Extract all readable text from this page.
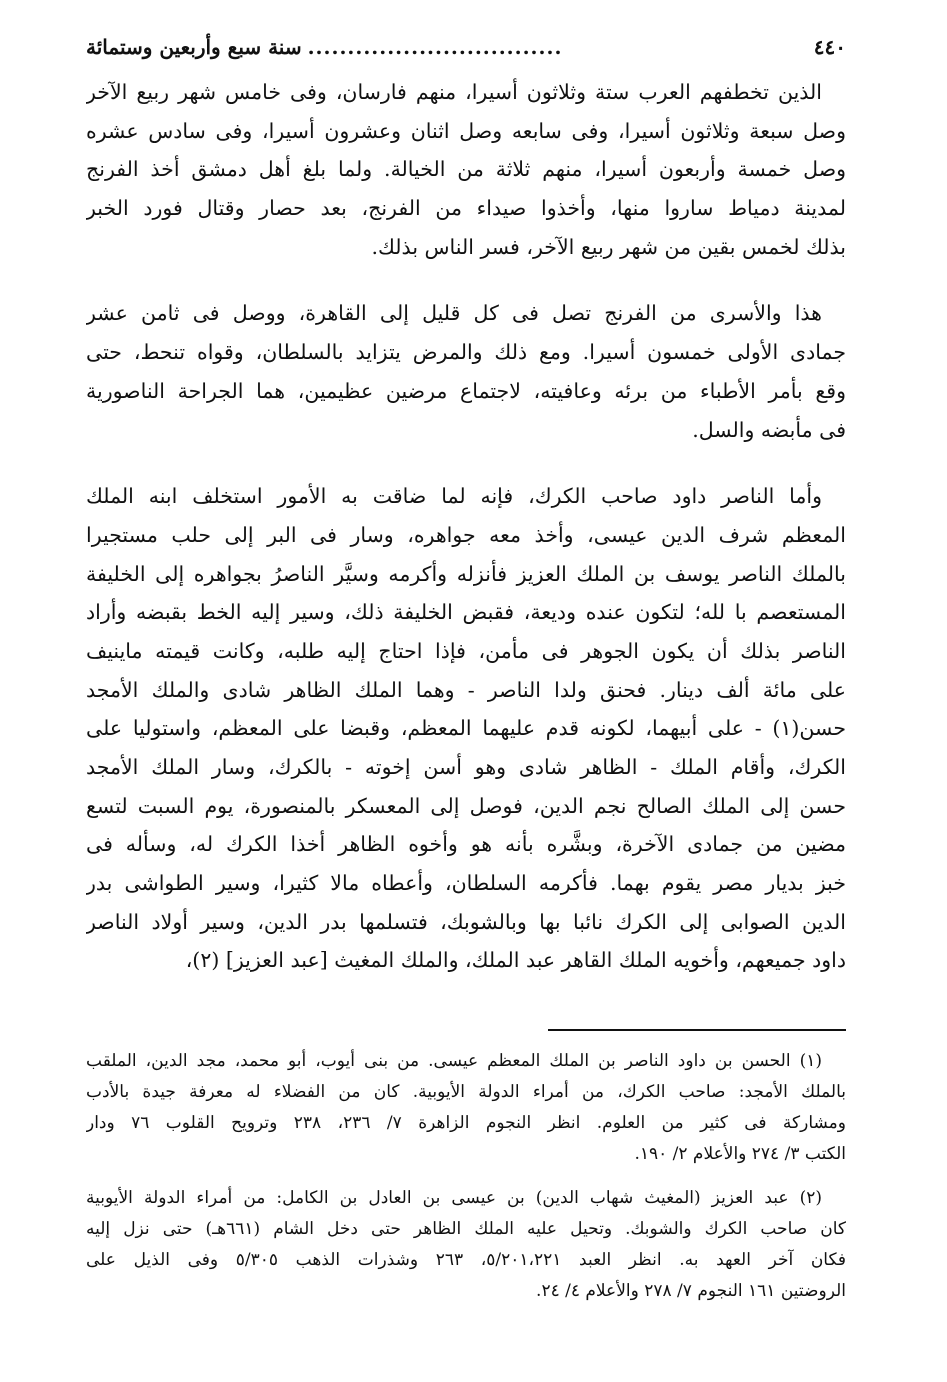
٤٤٠
................................
سنة سبع وأربعين وستمائة
الذين تخطفهم العرب ستة وثلاثون أسيرا، منهم فارسان، وفى خامس شهر ربيع الآخر
وصل سبعة وثلاثون أسيرا، وفى سابعه وصل اثنان وعشرون أسيرا، وفى سادس عشره
وصل خمسة وأربعون أسيرا، منهم ثلاثة من الخيالة. ولما بلغ أهل دمشق أخذ الفرنج
لمدينة دمياط ساروا منها، وأخذوا صيداء من الفرنج، بعد حصار وقتال فورد الخبر
بذلك لخمس بقين من شهر ربيع الآخر، فسر الناس بذلك.
هذا والأسرى من الفرنج تصل فى كل قليل إلى القاهرة، ووصل فى ثامن عشر
جمادى الأولى خمسون أسيرا. ومع ذلك والمرض يتزايد بالسلطان، وقواه تنحط، حتى
وقع بأمر الأطباء من برئه وعافيته، لاجتماع مرضين عظيمين، هما الجراحة الناصورية
فى مأبضه والسل.
وأما الناصر داود صاحب الكرك، فإنه لما ضاقت به الأمور استخلف ابنه الملك
المعظم شرف الدين عيسى، وأخذ معه جواهره، وسار فى البر إلى حلب مستجيرا
بالملك الناصر يوسف بن الملك العزيز فأنزله وأكرمه وسيَّر الناصرُ بجواهره إلى الخليفة
المستعصم با لله؛ لتكون عنده وديعة، فقبض الخليفة ذلك، وسير إليه الخط بقبضه وأراد
الناصر بذلك أن يكون الجوهر فى مأمن، فإذا احتاج إليه طلبه، وكانت قيمته ماينيف
على مائة ألف دينار. فحنق ولدا الناصر - وهما الملك الظاهر شادى والملك الأمجد
حسن(١) - على أبيهما، لكونه قدم عليهما المعظم، وقبضا على المعظم، واستوليا على
الكرك، وأقام الملك - الظاهر شادى وهو أسن إخوته - بالكرك، وسار الملك الأمجد
حسن إلى الملك الصالح نجم الدين، فوصل إلى المعسكر بالمنصورة، يوم السبت لتسع
مضين من جمادى الآخرة، وبشَّره بأنه هو وأخوه الظاهر أخذا الكرك له، وسأله فى
خبز بديار مصر يقوم بهما. فأكرمه السلطان، وأعطاه مالا كثيرا، وسير الطواشى بدر
الدين الصوابى إلى الكرك نائبا بها وبالشوبك، فتسلمها بدر الدين، وسير أولاد الناصر
داود جميعهم، وأخويه الملك القاهر عبد الملك، والملك المغيث [عبد العزيز] (٢)،
(١) الحسن بن داود الناصر بن الملك المعظم عيسى. من بنى أيوب، أبو محمد، مجد الدين، الملقب
بالملك الأمجد: صاحب الكرك، من أمراء الدولة الأيوبية. كان من الفضلاء له معرفة جيدة بالأدب
ومشاركة فى كثير من العلوم. انظر النجوم الزاهرة ٧/ ٢٣٦، ٢٣٨ وترويح القلوب ٧٦ ودار
الكتب ٣/ ٢٧٤ والأعلام ٢/ ١٩٠.
(٢) عبد العزيز (المغيث شهاب الدين) بن عيسى بن العادل بن الكامل: من أمراء الدولة الأيوبية
كان صاحب الكرك والشوبك. وتحيل عليه الملك الظاهر حتى دخل الشام (٦٦١هـ) حتى نزل إليه
فكان آخر العهد به. انظر العبد ٥/٢٠١،٢٢١، ٢٦٣ وشذرات الذهب ٥/٣٠٥ وفى الذيل على
الروضتين ١٦١ النجوم ٧/ ٢٧٨ والأعلام ٤/ ٢٤.
